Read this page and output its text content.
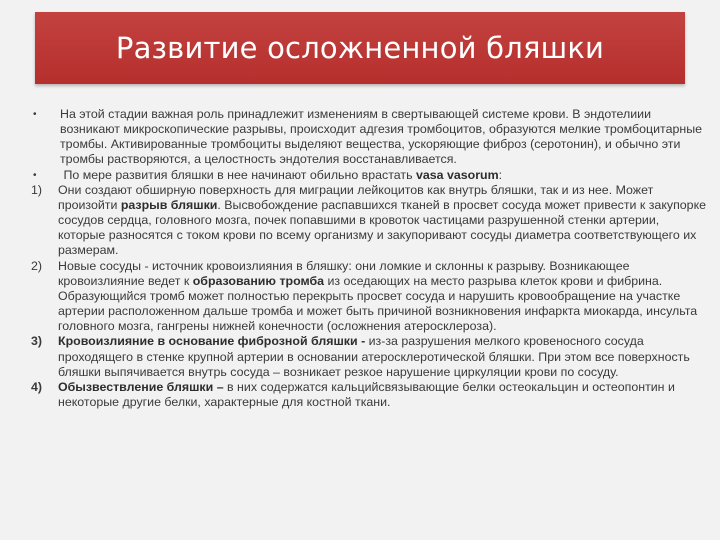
Развитие осложненной бляшки
•	На этой стадии важная роль принадлежит изменениям в свертывающей системе крови. В эндотелиии возникают микроскопические разрывы, происходит адгезия тромбоцитов, образуются мелкие тромбоцитарные тромбы. Активированные тромбоциты выделяют вещества, ускоряющие фиброз (серотонин), и обычно эти тромбы растворяются, а целостность эндотелия восстанавливается.
•	По мере развития бляшки в нее начинают обильно врастать vasa vasorum:
1)	Они создают обширную поверхность для миграции лейкоцитов как внутрь бляшки, так и из нее. Может произойти разрыв бляшки. Высвобождение распавшихся тканей в просвет сосуда может привести к закупорке сосудов сердца, головного мозга, почек попавшими в кровоток частицами разрушенной стенки артерии, которые разносятся с током крови по всему организму и закупоривают сосуды диаметра соответствующего их размерам.
2)	Новые сосуды - источник кровоизлияния в бляшку: они ломкие и склонны к разрыву. Возникающее кровоизлияние ведет к образованию тромба из оседающих на место разрыва клеток крови и фибрина. Образующийся тромб может полностью перекрыть просвет сосуда и нарушить кровообращение на участке артерии расположенном дальше тромба и может быть причиной возникновения инфаркта миокарда, инсульта головного мозга, гангрены нижней конечности (осложнения атеросклероза).
3)	Кровоизлияние в основание фиброзной бляшки - из-за разрушения мелкого кровеносного сосуда проходящего в стенке крупной артерии в основании атеросклеротической бляшки. При этом все поверхность бляшки выпячивается внутрь сосуда – возникает резкое нарушение циркуляции крови по сосуду.
4)	Обызвествление бляшки – в них содержатся кальцийсвязывающие белки остеокальцин и остеопонтин и некоторые другие белки, характерные для костной ткани.
